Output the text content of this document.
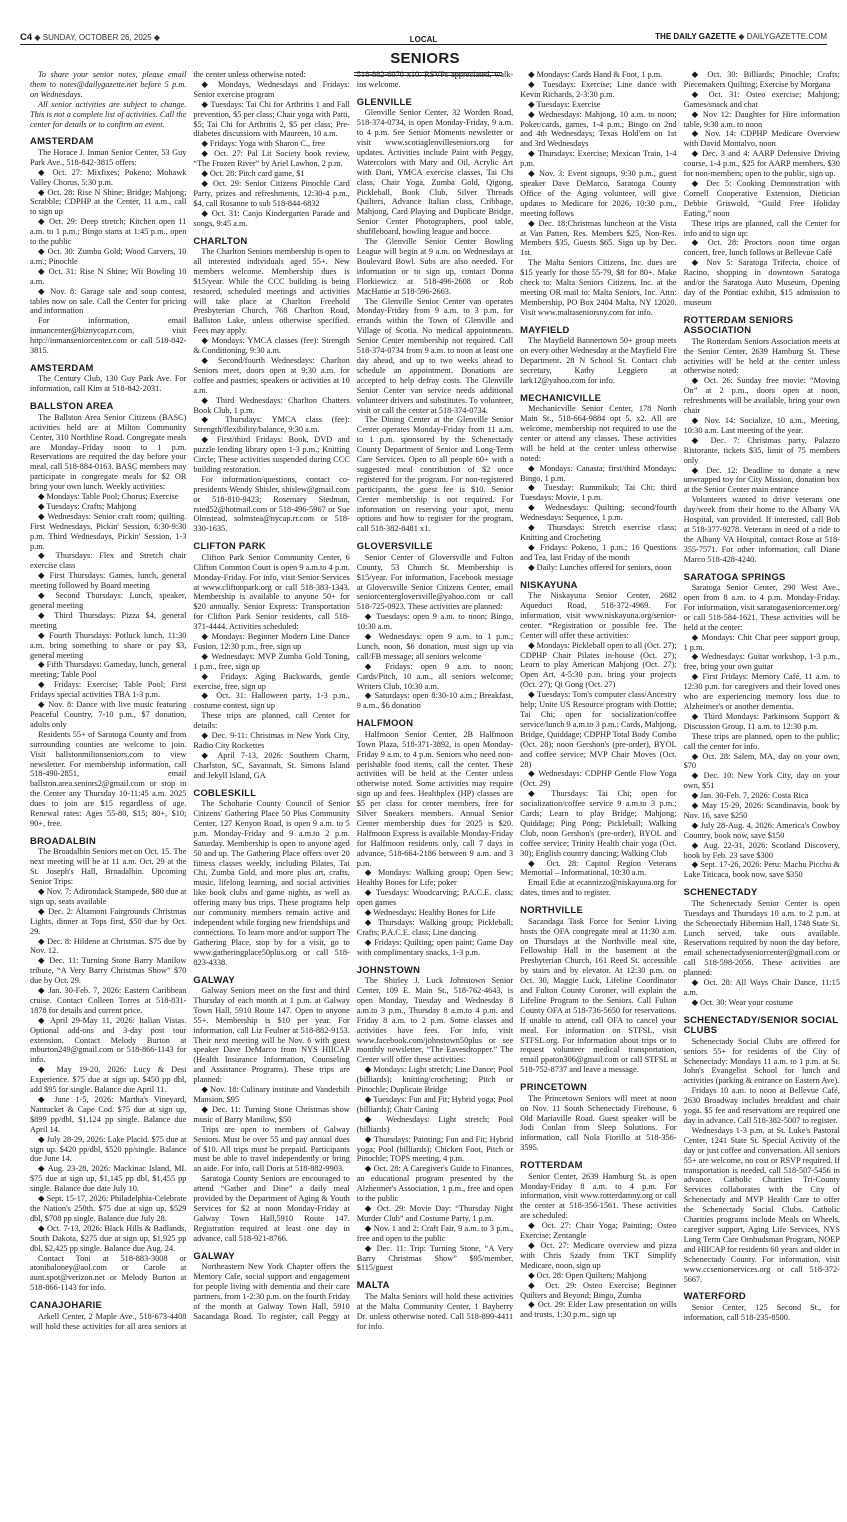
C4 ◆ SUNDAY, OCTOBER 26, 2025 ◆	LOCAL	THE DAILY GAZETTE ◆ DAILYGAZETTE.COM
SENIORS

To share your senior notes, please email them to notes@dailygazette.net before 5 p.m. on Wednesdays.

All senior activities are subject to change. This is not a complete list of activities. Call the center for details or to confirm an event.

AMSTERDAM

The Horace J. Inman Senior Center, 53 Guy Park Ave., 518-842-3815 offers:

◆ Oct. 27: Mixfixes; Pokeno; Mohawk Valley Chorus, 5:30 p.m.

◆ Oct. 28: Rise N Shine; Bridge; Mahjong; Scrabble; CDPHP at the Center, 11 a.m., call to sign up

◆ Oct. 29: Deep stretch; Kitchen open 11 a.m. to 1 p.m.; Bingo starts at 1:45 p.m., open to the public

◆ Oct. 30: Zumba Gold; Wood Carvers, 10 a.m.; Pinochle

◆ Oct. 31: Rise N Shine; Wii Bowling 10 a.m.

◆ Nov. 8: Garage sale and soup contest, tables now on sale. Call the Center for pricing and information

For information, email inmancenter@biznycap.rr.com, visit http://inmanseniorcenter.com or call 518-842-3815.

AMSTERDAM

The Century Club, 130 Guy Park Ave. For information, call Kim at 518-842-2031.

BALLSTON AREA

The Ballston Area Senior Citizens (BASC) activities held are at Milton Community Center, 310 Northline Road. Congregate meals are Monday–Friday noon to 1 p.m. Reservations are required the day before your meal, call 518-884-0163. BASC members may participate in congregate meals for $2 OR bring your own lunch. Weekly activities:

◆ Mondays: Table Pool; Chorus; Exercise

◆ Tuesdays: Crafts; Mahjong

◆ Wednesdays: Senior craft room; quilting. First Wednesdays, Pickin' Session, 6:30-9:30 p.m. Third Wednesdays, Pickin' Session, 1-3 p.m.

◆ Thursdays: Flex and Stretch chair exercise class

◆ First Thursdays: Games, lunch, general meeting followed by Board meeting

◆ Second Thursdays: Lunch, speaker, general meeting

◆ Third Thursdays: Pizza $4, general meeting

◆ Fourth Thursdays: Potluck lunch, 11:30 a.m. bring something to share or pay $3, general meeting

◆ Fifth Thursdays: Gameday, lunch, general meeting; Table Pool

◆ Fridays: Exercise; Table Pool; First Fridays special activities TBA 1-3 p.m.

◆ Nov. 8: Dance with live music featuring Peaceful Country, 7-10 p.m., $7 donation, adults only

Residents 55+ of Saratoga County and from surrounding counties are welcome to join. Visit ballstonmiltonseniors.com to view newsletter. For membership information, call 518-490-2851, email ballston.area.seniors2@gmail.com or stop in the Center any Thursday 10-11:45 a.m. 2025 dues to join are $15 regardless of age. Renewal rates: Ages 55-80, $15; 80+, $10; 90+, free.

BROADALBIN

The Broadalbin Seniors met on Oct. 15. The next meeting will be at 11 a.m. Oct. 29 at the St. Joseph's Hall, Broadalbin. Upcoming Senior Trips:

◆ Nov. 7: Adirondack Stampede, $80 due at sign up, seats available

◆ Dec. 2: Altamont Fairgrounds Christmas Lights, dinner at Tops first, $50 due by Oct. 29.

◆ Dec. 8: Hildene at Christmas. $75 due by Nov. 12.

◆ Dec. 11: Turning Stone Barry Manilow tribute, “A Very Barry Christmas Show” $70 due by Oct. 29.

◆ Jan. 30-Feb. 7, 2026: Eastern Caribbean cruise. Contact Colleen Torres at 518-831-1878 for details and current price.

◆ April 29-May 11, 2026: Italian Vistas. Optional add-ons and 3-day post tour extension. Contact Melody Burton at mburton249@gmail.com or 518-866-1143 for info.

◆ May 19-20, 2026: Lucy & Desi Experience. $75 due at sign up. $450 pp dbl, add $95 for single. Balance due April 11.

◆ June 1-5, 2026: Martha's Vineyard, Nantucket & Cape Cod. $75 due at sign up, $899 pp/dbl, $1,124 pp single. Balance due April 14.

◆ July 28-29, 2026: Lake Placid. $75 due at sign up. $420 pp/dbl, $520 pp/single. Balance due June 14.

◆ Aug. 23-28, 2026: Mackinac Island, MI. $75 due at sign up, $1,145 pp dbl, $1,455 pp single. Balance due date July 10.

◆ Sept. 15-17, 2026: Philadelphia-Celebrate the Nation's 250th. $75 due at sign up, $529 dbl, $708 pp single. Balance due July 28.

◆ Oct. 7-13, 2026: Black Hills & Badlands, South Dakota, $275 due at sign up, $1,925 pp dbl, $2,425 pp single. Balance due Aug. 24.

Contact Toni at 518-883-3008 or atonibaloney@aol.com or Carole at aunt.spot@verizon.net or Melody Burton at 518-866-1143 for info.

CANAJOHARIE

Arkell Center, 2 Maple Ave., 518-673-4408 will hold these activities for all area seniors at the center unless otherwise noted:

◆ Mondays, Wednesdays and Fridays: Senior exercise program

◆ Tuesdays: Tai Chi for Arthritis 1 and Fall prevention, $5 per class; Chair yoga with Patti, $5; Tai Chi for Arthritis 2, $5 per class; Pre-diabetes discussions with Maureen, 10 a.m.

◆ Fridays: Yoga with Sharon C., free

◆ Oct. 27: Pal Lit Society book review, “The Frozen River” by Ariel Lawhon, 2 p.m.

◆ Oct. 28: Pitch card game, $1

◆ Oct. 29: Senior Citizens Pinochle Card Party, prizes and refreshments, 12:30-4 p.m., $4, call Rosanne to sub 518-844-6832

◆ Oct. 31: Canjo Kindergarten Parade and songs, 9:45 a.m.

CHARLTON

The Charlton Seniors membership is open to all interested individuals aged 55+. New members welcome. Membership dues is $15/year. While the CCC building is being restored, scheduled meetings and activities will take place at Charlton Freehold Presbyterian Church, 768 Charlton Road, Ballston Lake, unless otherwise specified. Fees may apply.

◆ Mondays: YMCA classes (fee): Strength & Conditioning, 9:30 a.m.

◆ Second/fourth Wednesdays: Charlton Seniors meet, doors open at 9:30 a.m. for coffee and pastries; speakers or activities at 10 a.m.

◆ Third Wednesdays: Charlton Chatters Book Club, 1 p.m.

◆ Thursdays: YMCA class (fee): Strength/flexibility/balance, 9:30 a.m.

◆ First/third Fridays: Book, DVD and puzzle lending library open 1-3 p.m.; Knitting Circle; These activities suspended during CCC building restoration.

For information/questions, contact co-presidents Wendy Shisler, shislew@gmail.com or 518-810-9423; Rosemary Stedman, rsted52@hotmail.com or 518-496-5967 or Sue Olmstead, solmstea@nycap.rr.com or 518-330-1635.

CLIFTON PARK

Clifton Park Senior Community Center, 6 Clifton Common Court is open 9 a.m.to 4 p.m. Monday-Friday. For info, visit Senior Services at www.cliftonpark.org or call 518-383-1343. Membership is available to anyone 50+ for $20 annually. Senior Express: Transportation for Clifton Park Senior residents, call 518-371-4444. Activities scheduled:

◆ Mondays: Beginner Modern Line Dance Fusion, 12:30 p.m., free, sign up

◆ Wednesdays: MVP Zumba Gold Toning, 1 p.m., free, sign up

◆ Fridays: Aging Backwards, gentle exercise, free, sign up

◆ Oct. 31: Halloween party, 1-3 p.m., costume contest, sign up

These trips are planned, call Center for details:

◆ Dec. 9-11: Christmas in New York City, Radio City Rockettes

◆ April 7-13, 2026: Southern Charm, Charlston, SC, Savannah, St. Simons Island and Jekyll Island, GA

COBLESKILL

The Schoharie County Council of Senior Citizens' Gathering Place 50 Plus Community Center, 127 Kenyon Road, is open 9 a.m. to 5 p.m. Monday-Friday and 9 a.m.to 2 p.m. Saturday. Membership is open to anyone aged 50 and up. The Gathering Place offers over 20 fitness classes weekly, including Pilates, Tai Chi, Zumba Gold, and more plus art, crafts, music, lifelong learning, and social activities like book clubs and game nights, as well as offering many bus trips. These programs help our community members remain active and independent while forging new friendships and connections. To learn more and/or support The Gathering Place, stop by for a visit, go to www.gatheringplace50plus.org or call 518-823-4338.

GALWAY

Galway Seniors meet on the first and third Thursday of each month at 1 p.m. at Galway Town Hall, 5910 Route 147. Open to anyone 55+. Membership is $10 per year. For information, call Liz Feulner at 518-882-9153. Their next meeting will be Nov. 6 with guest speaker Dave DeMarco from NYS HIICAP (Health Insurance Information, Counseling and Assistance Programs). These trips are planned:

◆ Nov. 18: Culinary institute and Vanderbilt Mansion, $95

◆ Dec. 11: Turning Stone Christmas show music of Barry Manilow, $50

Trips are open to members of Galway Seniors. Must be over 55 and pay annual dues of $10. All trips must be prepaid. Participants must be able to travel independently or bring an aide. For info, call Doris at 518-882-9903.

Saratoga County Seniors are encouraged to attend “Gather and Dine” a daily meal provided by the Department of Aging & Youth Services for $2 at noon Monday-Friday at Galway Town Hall,5910 Route 147. Registration required at least one day in advance, call 518-921-8766.

GALWAY

Northeastern New York Chapter offers the Memory Cafe, social support and engagement for people living with dementia and their care partners, from 1-2:30 p.m. on the fourth Friday of the month at Galway Town Hall, 5910 Sacandaga Road. To register, call Peggy at 518-882-6070 x10. RSVPs appreciated, walk-ins welcome.

GLENVILLE

Glenville Senior Center, 32 Worden Road, 518-374-0734, is open Monday-Friday, 9 a.m. to 4 p.m. See Senior Moments newsletter or visit www.scotiaglenvilleseniors.org for updates. Activities include Paint with Peggy, Watercolors with Mary and Oil, Acrylic Art with Dani, YMCA exercise classes, Tai Chi class, Chair Yoga, Zumba Gold, Qigong, Pickleball, Book Club, Silver Threads Quilters, Advance Italian class, Cribbage, Mahjong, Card Playing and Duplicate Bridge, Senior Center Photographers, pool table, shuffleboard, bowling league and bocce.

The Glenville Senior Center Bowling League will begin at 9 a.m. on Wednesdays at Boulevard Bowl. Subs are also needed. For information or to sign up, contact Donna Florkiewicz at 518-496-2608 or Rob MacHattie at 518-596-2663.

The Glenville Senior Center van operates Monday-Friday from 9 a.m. to 3 p.m. for errands within the Town of Glenville and Village of Scotia. No medical appointments. Senior Center membership not required. Call 518-374-0734 from 9 a.m. to noon at least one day ahead, and up to two weeks ahead to schedule an appointment. Donations are accepted to help defray costs. The Glenville Senior Center van service needs additional volunteer drivers and substitutes. To volunteer, visit or call the center at 518-374-0734.

The Dining Center at the Glenville Senior Center operates Monday-Friday from 11 a.m. to 1 p.m. sponsored by the Schenectady County Department of Senior and Long-Term Care Services. Open to all people 60+ with a suggested meal contribution of $2 once registered for the program. For non-registered participants, the guest fee is $10. Senior Center membership is not required. For information on reserving your spot, menu options and how to register for the program, call 518-382-8481 x1.

GLOVERSVILLE

Senior Center of Gloversville and Fulton County, 53 Church St. Membership is $15/year. For information, Facebook message at Gloversville Senior Citizens Center, email seniorcentergloversville@yahoo.com or call 518-725-0923. These activities are planned:

◆ Tuesdays: open 9 a.m. to noon; Bingo, 10:30 a.m.

◆ Wednesdays: open 9 a.m. to 1 p.m.; Lunch, noon, $6 donation, must sign up via call/FB message; all seniors welcome

◆ Fridays: open 9 a.m. to noon; Cards/Pitch, 10 a.m., all seniors welcome; Writers Club, 10:30 a.m.

◆ Saturdays: open 8:30-10 a.m.; Breakfast, 9 a.m., $6 donation

HALFMOON

Halfmoon Senior Center, 2B Halfmoon Town Plaza, 518-371-3892, is open Monday-Friday 9 a.m. to 4 p.m. Seniors who need non-perishable food items, call the center. These activities will be held at the Center unless otherwise noted. Some activities may require sign up and fees. Healthplex (HP) classes are $5 per class for center members, free for Silver Sneakers members. Annual Senior Center membership dues for 2025 is $20. Halfmoon Express is available Monday-Friday for Halfmoon residents only, call 7 days in advance, 518-664-2186 between 9 a.m. and 3 p.m.

◆ Mondays: Walking group; Open Sew; Healthy Bones for Life; poker

◆ Tuesdays: Woodcarving; P.A.C.E. class; open games

◆ Wednesdays: Healthy Bones for Life

◆ Thursdays: Walking group; Pickleball; Crafts; P.A.C.E. class; Line dancing

◆ Fridays: Quilting; open paint; Game Day with complimentary snacks, 1-3 p.m.

JOHNSTOWN

The Shirley J. Luck Johnstown Senior Center, 109 E. Main St., 518-762-4643, is open Monday, Tuesday and Wednesday 8 a.m.to 3 p.m., Thursday 8 a.m.to 4 p.m. and Friday 8 a.m. to 2 p.m. Some classes and activities have fees. For info, visit www.facebook.com/johnstown50plus or see monthly newsletter, “The Eavesdropper.” The Center will offer these activities:

◆ Mondays: Light stretch; Line Dance; Pool (billiards); knitting/crocheting; Pitch or Pinochle; Duplicate Bridge

◆ Tuesdays: Fun and Fit; Hybrid yoga; Pool (billiards); Chair Caning

◆ Wednesdays: Light stretch; Pool (billiards)

◆ Thursdays: Painting; Fun and Fit; Hybrid yoga; Pool (billiards); Chicken Foot, Pitch or Pinochle; TOPS meeting, 4 p.m.

◆ Oct. 28: A Caregiver's Guide to Finances, an educational program presented by the Alzheimer's Association, 1 p.m., free and open to the public

◆ Oct. 29: Movie Day: “Thursday Night Murder Club” and Costume Party, 1 p.m.

◆ Nov. 1 and 2: Craft Fair, 9 a.m. to 3 p.m., free and open to the public

◆ Dec. 11: Trip: Turning Stone, “A Very Barry Christmas Show” $95/member, $115/guest

MALTA

The Malta Seniors will hold these activities at the Malta Community Center, 1 Bayberry Dr. unless otherwise noted. Call 518-899-4411 for info.

◆ Mondays: Cards Hand & Foot, 1 p.m.

◆ Tuesdays: Exercise; Line dance with Kevin Richards, 2-3:30 p.m.

◆ Tuesdays: Exercise

◆ Wednesdays: Mahjong, 10 a.m. to noon; Poker/cards, games, 1-4 p.m.; Bingo on 2nd and 4th Wednesdays; Texas Hold'em on 1st and 3rd Wednesdays

◆ Thursdays: Exercise; Mexican Train, 1-4 p.m.

◆ Nov. 3: Event signups, 9:30 p.m., guest speaker Dave DeMarco, Saratoga County Office of the Aging volunteer, will give updates to Medicare for 2026, 10:30 p.m., meeting follows

◆ Dec. 18:Christmas luncheon at the Vista at Van Patten, Res. Members $25, Non-Res. Members $35, Guests $65. Sign up by Dec. 1st.

The Malta Seniors Citizens, Inc. dues are $15 yearly for those 55-79, $8 for 80+. Make check to: Malta Seniors Citizens, Inc. at the meeting OR mail to: Malta Seniors, Inc. Attn: Membership, PO Box 2404 Malta, NY 12020. Visit www.maltaseniorsny.com for info.

MAYFIELD

The Mayfield Bannertown 50+ group meets on every other Wednesday at the Mayfield Fire Department. 28 N School St. Contact club secretary, Kathy Leggiero at lark12@yahoo.com for info.

MECHANICVILLE

Mechanicville Senior Center, 178 North Main St., 518-664-9884 opt 5, x2. All are welcome, membership not required to use the center or attend any classes. These activities will be held at the center unless otherwise noted:

◆ Mondays: Canasta; first/third Mondays: Bingo, 1 p.m.

◆ Tuesday: Rummikub; Tai Chi; third Tuesdays: Movie, 1 p.m.

◆ Wednesdays: Quilting; second/fourth Wednesdays: Sequence, 1 p.m.

◆ Thursdays: Stretch exercise class; Knitting and Crocheting

◆ Fridays: Pokeno, 1 p.m.; 16 Questions and Tea, last Friday of the month

◆ Daily: Lunches offered for seniors, noon

NISKAYUNA

The Niskayuna Senior Center, 2682 Aqueduct Road, 518-372-4969. For information, visit www.niskayuna.org/senior-center. *Registration or possible fee. The Center will offer these activities:

◆ Mondays: Pickleball open to all (Oct. 27); CDPHP Chair Pilates in-house (Oct. 27); Learn to play American Mahjong (Oct. 27); Open Art, 4-5:30 p.m. bring your projects (Oct. 27); Qi Gong (Oct. 27)

◆ Tuesdays: Tom's computer class/Ancestry help; Unite US Resource program with Dottie; Tai Chi; open for socialization/coffee service/lunch 9 a.m.to 3 p.m.; Cards, Mahjong, Bridge, Quiddage; CDPHP Total Body Combo (Oct. 28); noon Gershon's (pre-order), BYOL and coffee service; MVP Chair Moves (Oct. 28)

◆ Wednesdays: CDPHP Gentle Flow Yoga (Oct. 29)

◆ Thursdays: Tai Chi; open for socialization/coffee service 9 a.m.to 3 p.m.; Cards; Learn to play Bridge; Mahjong; Quiddage; Ping Pong; Pickleball; Walking Club, noon Gershon's (pre-order), BYOL and coffee service; Trinity Health chair yoga (Oct. 30); English country dancing; Walking Club

◆ Oct. 28: Capitol Region Veterans Memorial – Informational, 10:30 a.m.

Email Edie at ecannizzo@niskayuna.org for dates, times and to register.

NORTHVILLE

Sacandaga Task Force for Senior Living hosts the OFA congregate meal at 11:30 a.m. on Thursdays at the Northville meal site, Fellowship Hall in the basement at the Presbyterian Church, 161 Reed St. accessible by stairs and by elevator. At 12:30 p.m. on Oct. 30, Maggie Luck, Lifeline Coordinator and Fulton County Coroner, will explain the Lifeline Program to the Seniors. Call Fulton County OFA at 518-736-5650 for reservations. If unable to attend, call OFA to cancel your meal. For information on STFSL, visit STFSL.org. For information about trips or to request volunteer medical transportation, email ppaton306@gmail.com or call STFSL at 518-752-8737 and leave a message.

PRINCETOWN

The Princetown Seniors will meet at noon on Nov. 11 South Schenectady Firehouse, 6 Old Mariaville Road. Guest speaker will be Jodi Conlan from Sleep Solutions. For information, call Nola Fiorillo at 518-356-3595.

ROTTERDAM

Senior Center, 2639 Hamburg St. is open Monday-Friday 8 a.m. to 4 p.m. For information, visit www.rotterdamny.org or call the center at 518-356-1561. These activities are scheduled:

◆ Oct. 27: Chair Yoga; Painting; Osteo Exercise; Zentangle

◆ Oct. 27: Medicare overview and pizza with Chris Szady from TKT Simplify Medicare, noon, sign up

◆ Oct. 28: Open Quilters; Mahjong

◆ Oct. 29: Osteo Exercise; Beginner Quilters and Beyond; Bingo, Zumba

◆ Oct. 29: Elder Law presentation on wills and trusts, 1:30 p.m., sign up

◆ Oct. 30: Billiards; Pinochle; Crafts; Piecemakers Quilting; Exercise by Morgana

◆ Oct. 31: Osteo exercise; Mahjong; Games/snack and chat

◆ Nov 12: Daughter for Hire information table, 9:30 a.m. to noon

◆ Nov. 14: CDPHP Medicare Overview with David Montalvo, noon

◆ Dec. 3 and 4: AARP Defensive Driving course, 1-4 p.m., $25 for AARP members, $30 for non-members; open to the public, sign up.

◆ Dec 5: Cooking Demonstration with Cornell Cooperative Extension, Dietician Debbie Griswold, “Guild Free Holiday Eating,” noon

These trips are planned, call the Center for info and to sign up:

◆ Oct. 28: Proctors noon time organ concert, free, lunch follows at Bellevue Café

◆ Nov 5: Saratoga Trifecta, choice of Racino, shopping in downtown Saratoga and/or the Saratoga Auto Museum, Opening day of the Pontiac exhibit, $15 admission to museum

ROTTERDAM SENIORS ASSOCIATION

The Rotterdam Seniors Association meets at the Senior Center, 2639 Hamburg St. These activities will be held at the center unless otherwise noted:

◆ Oct. 26: Sunday free movie: “Moving On” at 2 p.m., doors open at noon, refreshments will be available, bring your own chair

◆ Nov. 14: Socialize, 10 a.m., Meeting, 10:30 a.m. Last meeting of the year.

◆ Dec. 7: Christmas party, Palazzo Ristorante, tickets $35, limit of 75 members only

◆ Dec. 12: Deadline to donate a new unwrapped toy for City Mission, donation box at the Senior Center main entrance

Volunteers wanted to drive veterans one day/week from their home to the Albany VA Hospital, van provided. If interested, call Bob at 518-377-9278. Veterans in need of a ride to the Albany VA Hospital, contact Rose at 518-355-7571. For other information, call Diane Marco 518-428-4240.

SARATOGA SPRINGS

Saratoga Senior Center, 290 West Ave., open from 8 a.m. to 4 p.m. Monday-Friday. For information, visit saratogaseniorcenter.org/ or call 518-584-1621. These activities will be held at the center:

◆ Mondays: Chit Chat peer support group, 1 p.m.

◆ Wednesdays: Guitar workshop, 1-3 p.m., free, bring your own guitar

◆ First Fridays: Memory Café, 11 a.m. to 12:30 p.m. for caregivers and their loved ones who are experiencing memory loss due to Alzheimer's or another dementia.

◆ Third Mondays: Parkinsons Support & Discussion Group, 11 a.m. to 12:30 p.m.

These trips are planned, open to the public; call the center for info.

◆ Oct. 28: Salem, MA, day on your own, $70

◆ Dec. 10: New York City, day on your own, $51

◆ Jan. 30-Feb. 7, 2026: Costa Rica

◆ May 15-29, 2026: Scandinavia, book by Nov. 16, save $250

◆ July 28-Aug. 4, 2026: America's Cowboy Country, book now, save $150

◆ Aug. 22-31, 2026: Scotland Discovery, book by Feb. 23 save $300

◆ Sept. 17-26, 2026: Peru: Machu Picchu & Lake Titicaca, book now, save $350

SCHENECTADY

The Schenectady Senior Center is open Tuesdays and Thursdays 10 a.m. to 2 p.m. at the Schenectady Hibernian Hall, 1748 State St. Lunch served, take outs available. Reservations required by noon the day before, email schenectadyseniorcenter@gmail.com or call 518-598-2056. These activities are planned:

◆ Oct. 28: All Ways Chair Dance, 11:15 a.m.

◆ Oct. 30: Wear your costume

SCHENECTADY/SENIOR SOCIAL CLUBS

Schenectady Social Clubs are offered for seniors 55+ for residents of the City of Schenectady: Mondays 11 a.m. to 1 p.m. at St. John's Evangelist School for lunch and activities (parking & entrance on Eastern Ave).

Fridays 10 a.m. to noon at Bellevue Café, 2630 Broadway includes breakfast and chair yoga. $5 fee and reservations are required one day in advance. Call 518-382-5007 to register.

Wednesdays 1-3 p.m. at St. Luke's Pastoral Center, 1241 State St. Special Activity of the day or just coffee and conversation. All seniors 55+ are welcome, no cost or RSVP required. If transportation is needed, call 518-507-5456 in advance. Catholic Charities Tri-County Services collaborates with the City of Schenectady and MVP Health Care to offer the Schenectady Social Clubs. Catholic Charities programs include Meals on Wheels, caregiver support, Aging Life Services, NYS Long Term Care Ombudsman Program, NOEP and HIICAP for residents 60 years and older in Schenectady County. For information, visit www.ccseniorservices.org or call 518-372-5667.

WATERFORD

Senior Center, 125 Second St., for information, call 518-235-8500.
